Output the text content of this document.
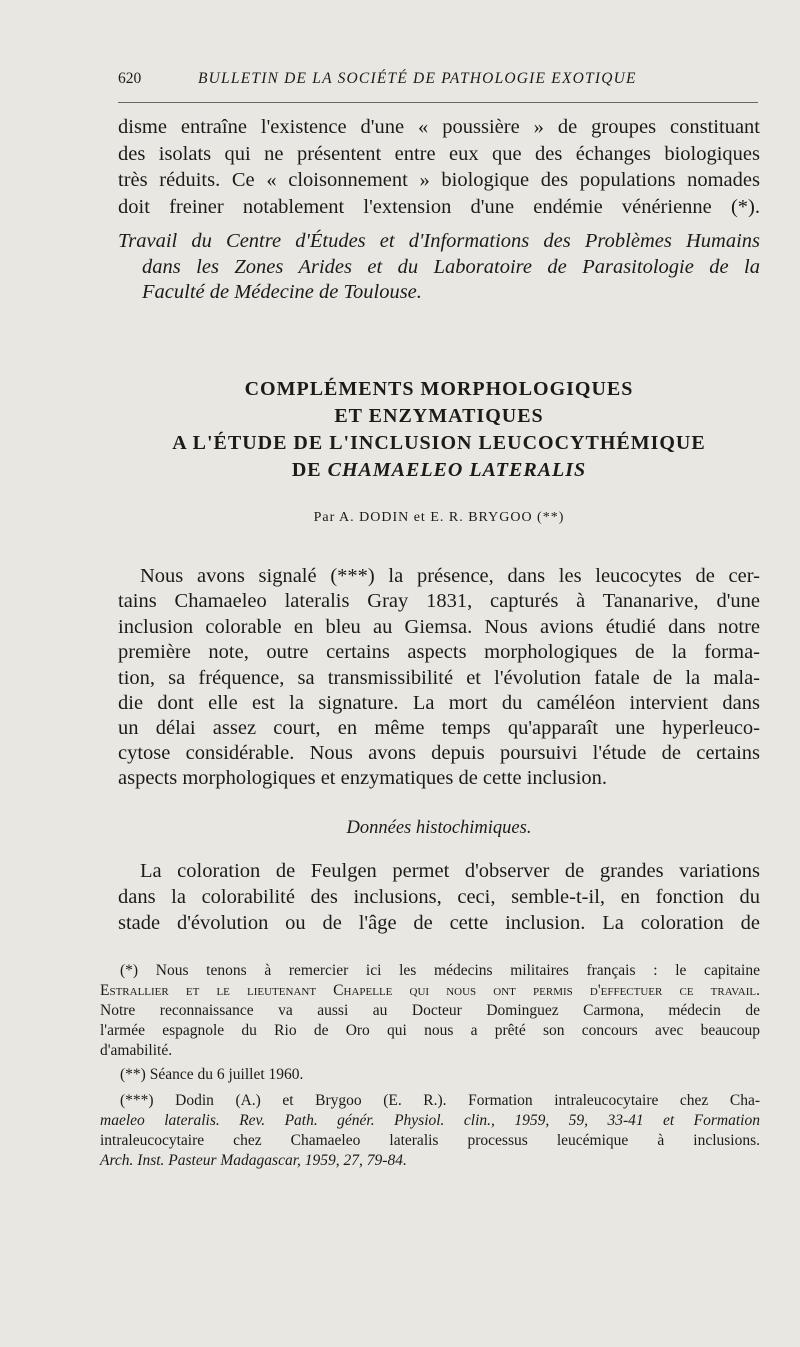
620	BULLETIN DE LA SOCIÉTÉ DE PATHOLOGIE EXOTIQUE
disme entraîne l'existence d'une « poussière » de groupes constituant
des isolats qui ne présentent entre eux que des échanges biologiques
très réduits. Ce « cloisonnement » biologique des populations nomades
doit freiner notablement l'extension d'une endémie vénérienne (*).
Travail du Centre d'Études et d'Informations des Problèmes Humains
dans les Zones Arides et du Laboratoire de Parasitologie de la
Faculté de Médecine de Toulouse.
COMPLÉMENTS MORPHOLOGIQUES
ET ENZYMATIQUES
A L'ÉTUDE DE L'INCLUSION LEUCOCYTHÉMIQUE
DE CHAMAELEO LATERALIS
Par A. DODIN et E. R. BRYGOO (**)
Nous avons signalé (***) la présence, dans les leucocytes de cer-
tains Chamaeleo lateralis Gray 1831, capturés à Tananarive, d'une
inclusion colorable en bleu au Giemsa. Nous avions étudié dans notre
première note, outre certains aspects morphologiques de la forma-
tion, sa fréquence, sa transmissibilité et l'évolution fatale de la mala-
die dont elle est la signature. La mort du caméléon intervient dans
un délai assez court, en même temps qu'apparaît une hyperleuco-
cytose considérable. Nous avons depuis poursuivi l'étude de certains
aspects morphologiques et enzymatiques de cette inclusion.
Données histochimiques.
La coloration de Feulgen permet d'observer de grandes variations
dans la colorabilité des inclusions, ceci, semble-t-il, en fonction du
stade d'évolution ou de l'âge de cette inclusion. La coloration de
(*) Nous tenons à remercier ici les médecins militaires français : le capitaine
Estrallier et le lieutenant Chapelle qui nous ont permis d'effectuer ce travail.
Notre reconnaissance va aussi au Docteur Dominguez Carmona, médecin de
l'armée espagnole du Rio de Oro qui nous a prêté son concours avec beaucoup
d'amabilité.
(**) Séance du 6 juillet 1960.
(***) Dodin (A.) et Brygoo (E. R.). Formation intraleucocytaire chez Cha-
maeleo lateralis. Rev. Path. génér. Physiol. clin., 1959, 59, 33-41 et Formation
intraleucocytaire chez Chamaeleo lateralis processus leucémique à inclusions.
Arch. Inst. Pasteur Madagascar, 1959, 27, 79-84.
